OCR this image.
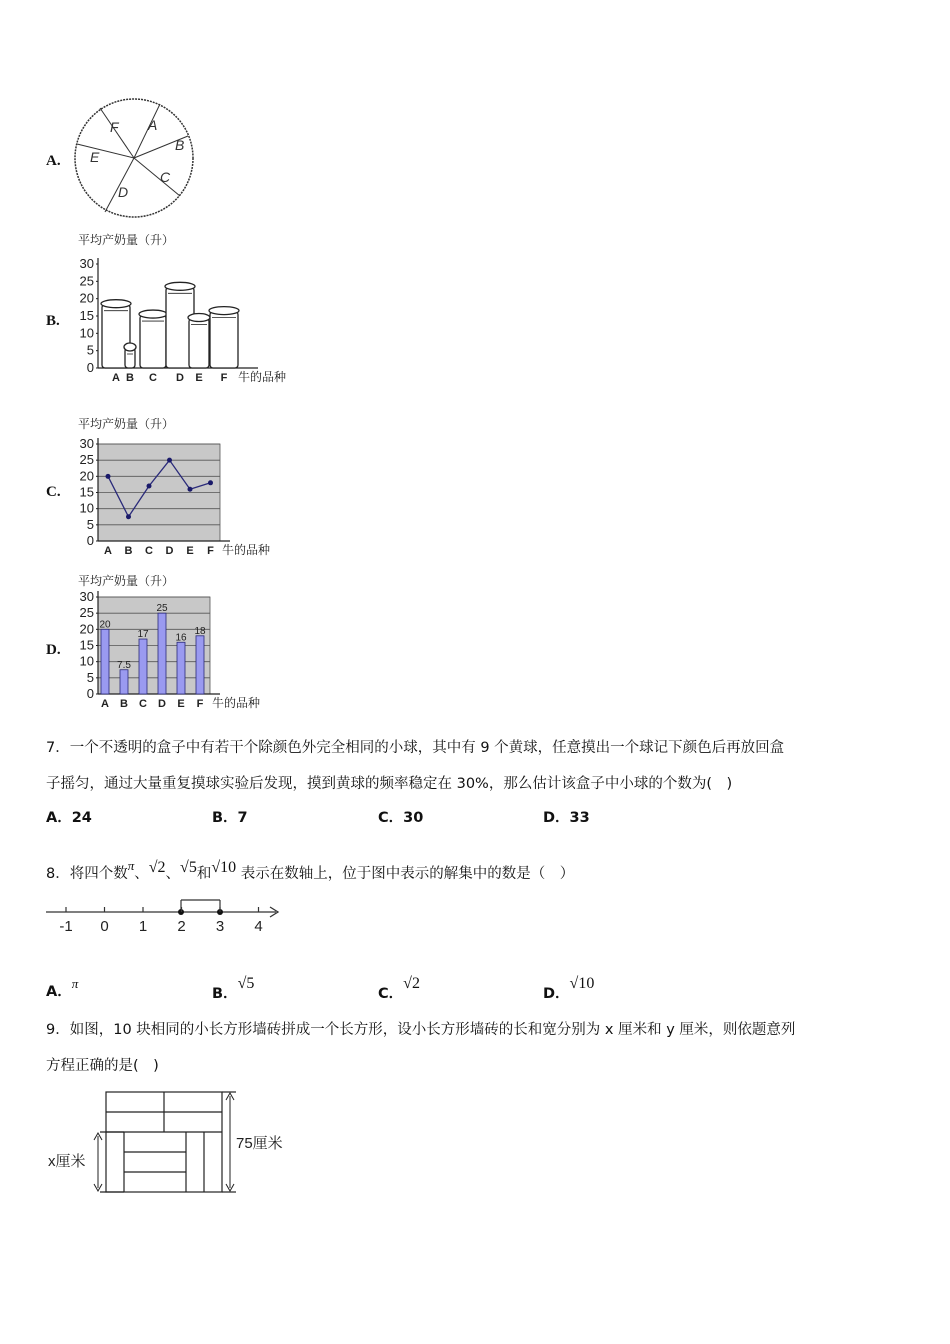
A.
A
B
C
D
E
F
B.
平均产奶量（升）
0
5
10
15
20
25
30
A B C D E F 牛的品种
C.
平均产奶量（升）
0
5
10
15
20
25
30
A B C D E F 牛的品种
D.
平均产奶量（升）
0
5
10
15
20
25
30
A B C D E F 牛的品种
20
7.5
17
25
16
18
7．一个不透明的盒子中有若干个除颜色外完全相同的小球，其中有 9 个黄球，任意摸出一个球记下颜色后再放回盒
子摇匀，通过大量重复摸球实验后发现，摸到黄球的频率稳定在 30%，那么估计该盒子中小球的个数为(　)
A．24	B．7	C．30	D．33
8．将四个数π、√2、√5和√10 表示在数轴上，位于图中表示的解集中的数是（　）
-1 0 1 2 3 4
A．π
B．√5
C．√2
D．√10
9．如图，10 块相同的小长方形墙砖拼成一个长方形，设小长方形墙砖的长和宽分别为 x 厘米和 y 厘米，则依题意列
方程正确的是(　)
x厘米
75厘米
